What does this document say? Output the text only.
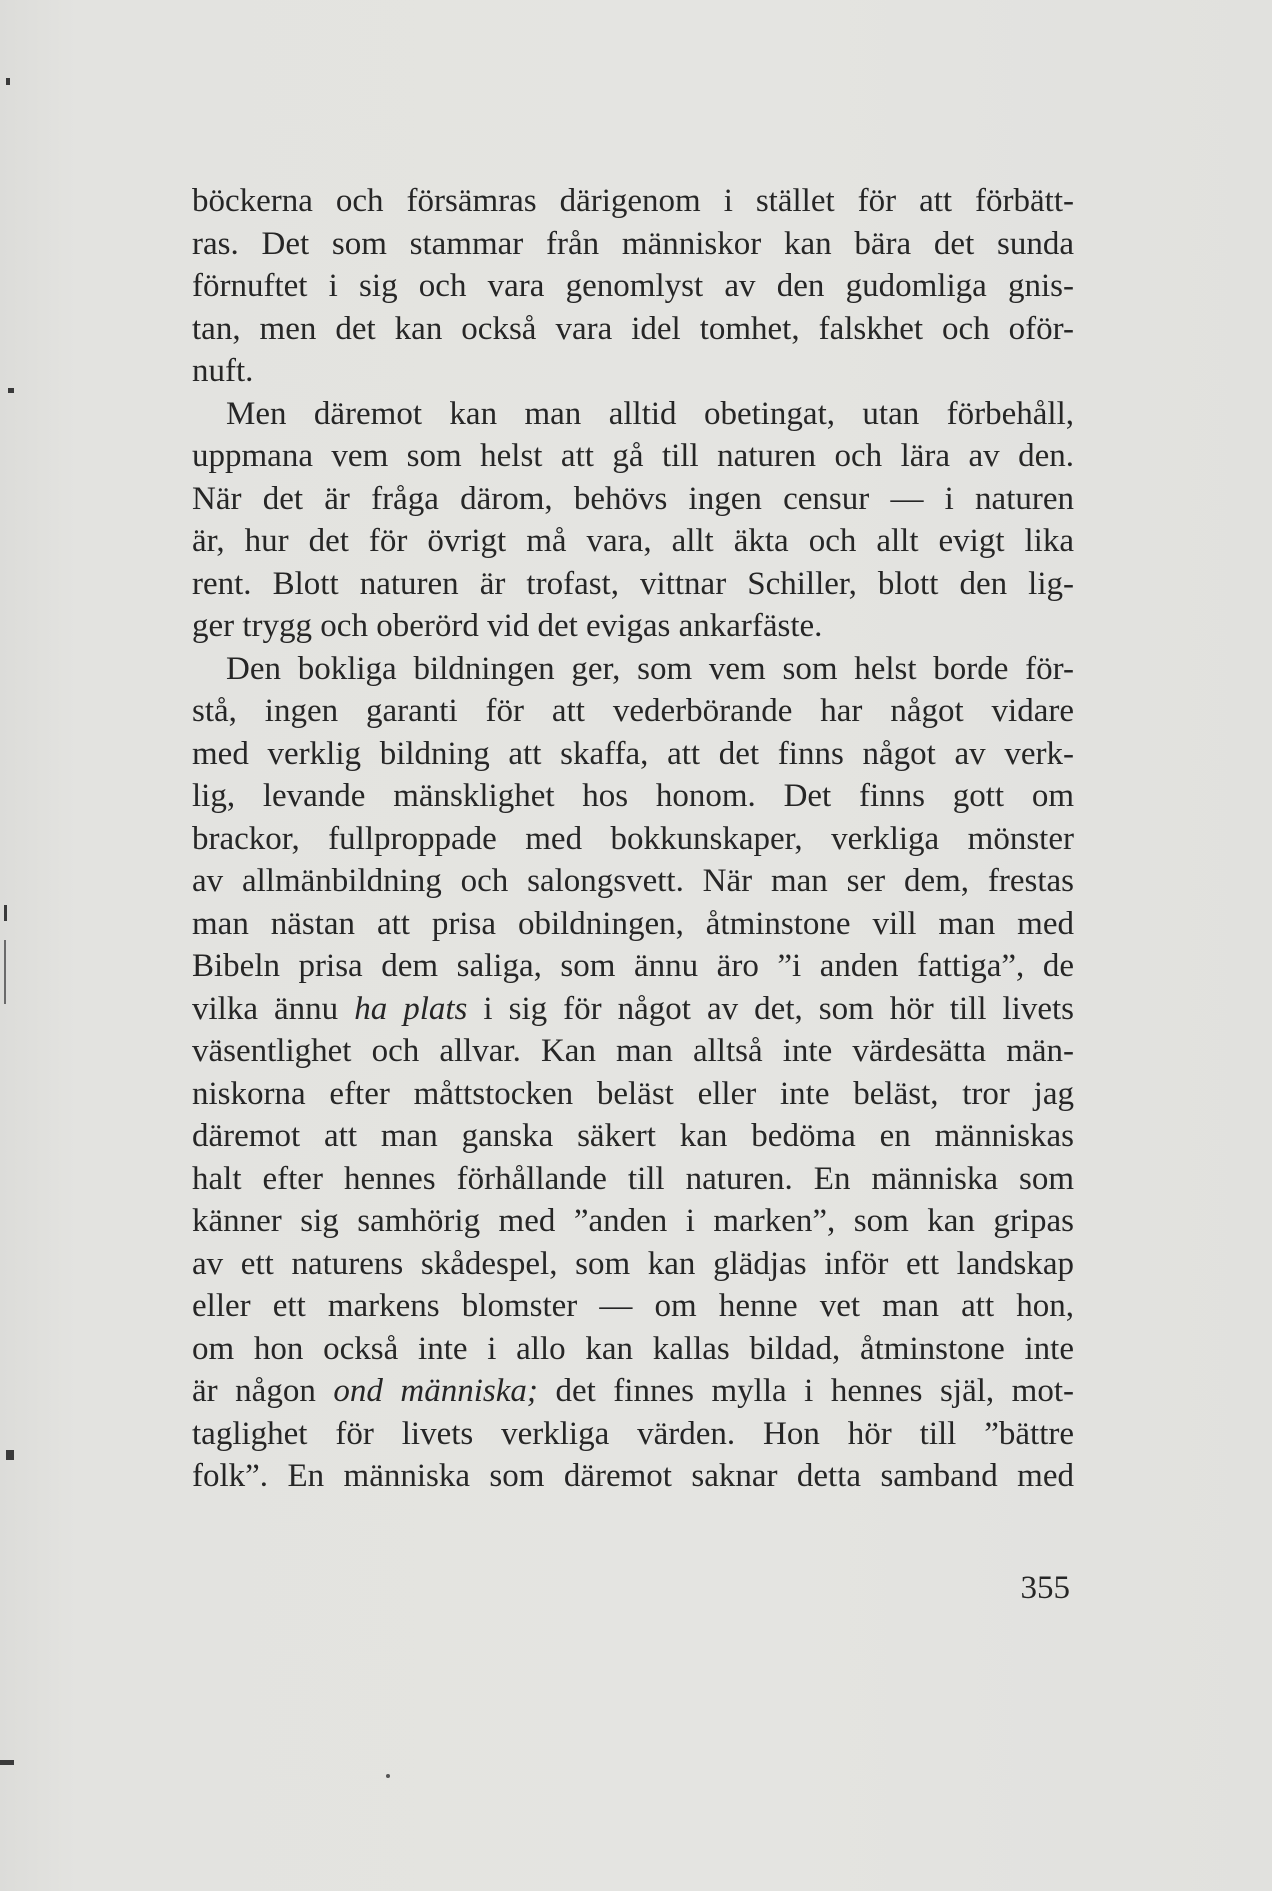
böckerna och försämras därigenom i stället för att förbätt-
ras. Det som stammar från människor kan bära det sunda
förnuftet i sig och vara genomlyst av den gudomliga gnis-
tan, men det kan också vara idel tomhet, falskhet och oför-
nuft.
Men däremot kan man alltid obetingat, utan förbehåll,
uppmana vem som helst att gå till naturen och lära av den.
När det är fråga därom, behövs ingen censur — i naturen
är, hur det för övrigt må vara, allt äkta och allt evigt lika
rent. Blott naturen är trofast, vittnar Schiller, blott den lig-
ger trygg och oberörd vid det evigas ankarfäste.
Den bokliga bildningen ger, som vem som helst borde för-
stå, ingen garanti för att vederbörande har något vidare
med verklig bildning att skaffa, att det finns något av verk-
lig, levande mänsklighet hos honom. Det finns gott om
brackor, fullproppade med bokkunskaper, verkliga mönster
av allmänbildning och salongsvett. När man ser dem, frestas
man nästan att prisa obildningen, åtminstone vill man med
Bibeln prisa dem saliga, som ännu äro ”i anden fattiga”, de
vilka ännu ha plats i sig för något av det, som hör till livets
väsentlighet och allvar. Kan man alltså inte värdesätta män-
niskorna efter måttstocken beläst eller inte beläst, tror jag
däremot att man ganska säkert kan bedöma en människas
halt efter hennes förhållande till naturen. En människa som
känner sig samhörig med ”anden i marken”, som kan gripas
av ett naturens skådespel, som kan glädjas inför ett landskap
eller ett markens blomster — om henne vet man att hon,
om hon också inte i allo kan kallas bildad, åtminstone inte
är någon ond människa; det finnes mylla i hennes själ, mot-
taglighet för livets verkliga värden. Hon hör till ”bättre
folk”. En människa som däremot saknar detta samband med
355
